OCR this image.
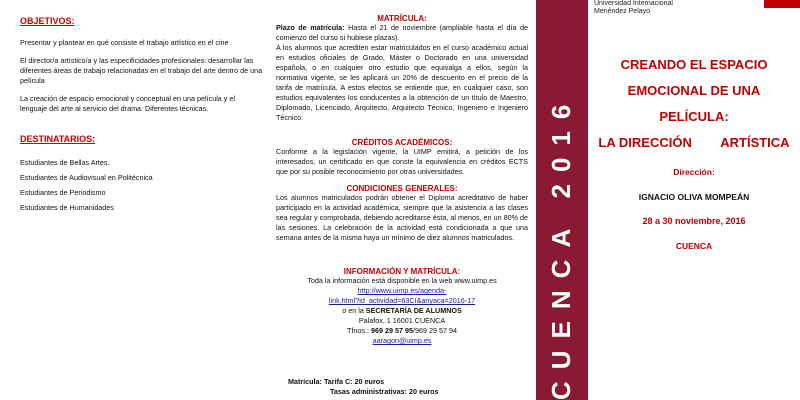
OBJETIVOS:

Presentar y plantear en qué consiste el trabajo artístico en el cine

El director/a artístico/a y las especificidades profesionales: desarrollar las diferentes áreas de trabajo relacionadas en el trabajo del arte dentro de una película

La creación de espacio emocional y conceptual en una película y el lenguaje del arte al servicio del drama: Diferentes técnicas.

DESTINATARIOS:

Estudiantes de Bellas Artes.

Estudiantes de Audiovisual en Politécnica

Estudiantes de Periodismo

Estudiantes de Humanidades

MATRÍCULA:

Plazo de matrícula: Hasta el 21 de noviembre (ampliable hasta el día de comienzo del curso si hubiese plazas).

A los alumnos que acrediten estar matriculados en el curso académico actual en estudios oficiales de Grado, Máster o Doctorado en una universidad española, o en cualquier otro estudio que equivalga a ellos, según la normativa vigente, se les aplicará un 20% de descuento en el precio de la tarifa de matrícula. A estos efectos se entiende que, en cualquier caso, son estudios equivalentes los conducentes a la obtención de un título de Maestro, Diplomado, Licenciado, Arquitecto, Arquitecto Técnico, Ingeniero e Ingeniero Técnico.

CRÉDITOS ACADÉMICOS:

Conforme a la legislación vigente, la UIMP emitirá, a petición de los interesados, un certificado en que conste la equivalencia en créditos ECTS que por su posible reconocimiento por otras universidades.

CONDICIONES GENERALES:

Los alumnos matriculados podrán obtener el Diploma acreditativo de haber participado en la actividad académica, siempre que la asistencia a las clases sea regular y comprobada, debiendo acreditarse ésta, al menos, en un 80% de las sesiones. La celebración de la actividad está condicionada a que una semana antes de la misma haya un mínimo de diez alumnos matriculados.

INFORMACIÓN Y MATRÍCULA:

Toda la información está disponible en la web www.uimp.es

http://www.uimp.es/agenda-

link.html?id_actividad=63CI&anyaca=2016-17

o en la SECRETARÍA DE ALUMNOS

Palafox, 1 16001 CUENCA

Tfnos.: 969 29 57 95/969 29 57 94

aaragon@uimp.es

Matrícula: Tarifa C: 20 euros

Tasas administrativas: 20 euros	CUENCA 2016
Universidad Internacional
Menéndez Pelayo
CREANDO EL ESPACIO
EMOCIONAL DE UNA
PELÍCULA:
LA DIRECCIÓN        ARTÍSTICA
Dirección:
IGNACIO OLIVA MOMPEÁN
28 a 30 noviembre, 2016
CUENCA
